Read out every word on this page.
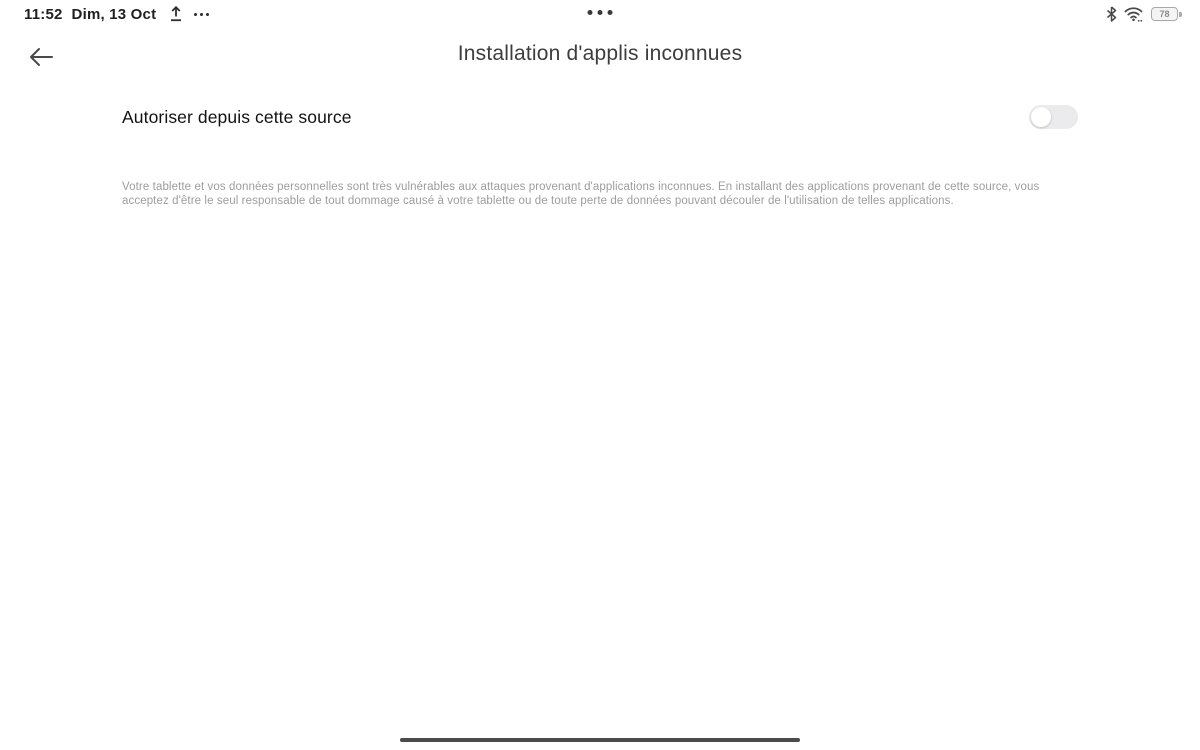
11:52 Dim, 13 Oct	78
Installation d'applis inconnues
Autoriser depuis cette source

Votre tablette et vos données personnelles sont très vulnérables aux attaques provenant d'applications inconnues. En installant des applications provenant de cette source, vous acceptez d'être le seul responsable de tout dommage causé à votre tablette ou de toute perte de données pouvant découler de l'utilisation de telles applications.
